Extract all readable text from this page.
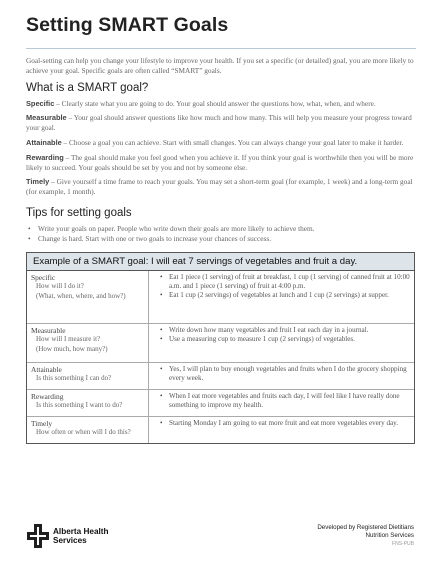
Setting SMART Goals

Goal-setting can help you change your lifestyle to improve your health. If you set a specific (or detailed) goal, you are more likely to achieve your goal. Specific goals are often called “SMART” goals.

What is a SMART goal?

Specific – Clearly state what you are going to do. Your goal should answer the questions how, what, when, and where.

Measurable – Your goal should answer questions like how much and how many. This will help you measure your progress toward your goal.

Attainable – Choose a goal you can achieve. Start with small changes. You can always change your goal later to make it harder.

Rewarding – The goal should make you feel good when you achieve it. If you think your goal is worthwhile then you will be more likely to succeed. Your goals should be set by you and not by someone else.

Timely – Give yourself a time frame to reach your goals. You may set a short-term goal (for example, 1 week) and a long-term goal (for example, 1 month).

Tips for setting goals
• Write your goals on paper. People who write down their goals are more likely to achieve them.
• Change is hard. Start with one or two goals to increase your chances of success.
Example of a SMART goal: I will eat 7 servings of vegetables and fruit a day.
Specific
How will I do it?
(What, when, where, and how?)
• Eat 1 piece (1 serving) of fruit at breakfast, 1 cup (1 serving) of canned fruit at 10:00 a.m. and 1 piece (1 serving) of fruit at 4:00 p.m.
• Eat 1 cup (2 servings) of vegetables at lunch and 1 cup (2 servings) at supper.
Measurable
How will I measure it?
(How much, how many?)
• Write down how many vegetables and fruit I eat each day in a journal.
• Use a measuring cup to measure 1 cup (2 servings) of vegetables.
Attainable
Is this something I can do?
• Yes, I will plan to buy enough vegetables and fruits when I do the grocery shopping every week.
Rewarding
Is this something I want to do?
• When I eat more vegetables and fruits each day, I will feel like I have really done something to improve my health.
Timely
How often or when will I do this?
• Starting Monday I am going to eat more fruit and eat more vegetables every day.
Alberta Health
Services
Developed by Registered Dietitians
Nutrition Services
FNS-PUB
